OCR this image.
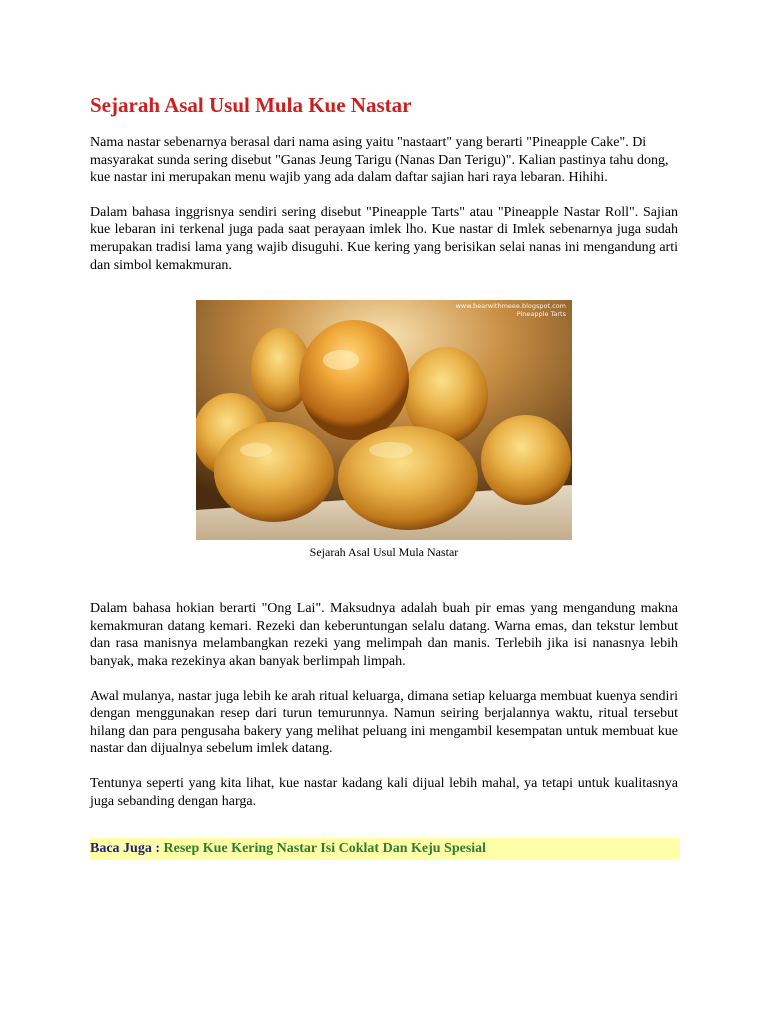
Sejarah Asal Usul Mula Kue Nastar

Nama nastar sebenarnya berasal dari nama asing yaitu "nastaart" yang berarti "Pineapple Cake". Di masyarakat sunda sering disebut "Ganas Jeung Tarigu (Nanas Dan Terigu)". Kalian pastinya tahu dong, kue nastar ini merupakan menu wajib yang ada dalam daftar sajian hari raya lebaran. Hihihi.

Dalam bahasa inggrisnya sendiri sering disebut "Pineapple Tarts" atau "Pineapple Nastar Roll". Sajian kue lebaran ini terkenal juga pada saat perayaan imlek lho. Kue nastar di Imlek sebenarnya juga sudah merupakan tradisi lama yang wajib disuguhi. Kue kering yang berisikan selai nanas ini mengandung arti dan simbol kemakmuran.

www.bearwithmeee.blogspot.com
Pineapple Tarts

Sejarah Asal Usul Mula Nastar

Dalam bahasa hokian berarti "Ong Lai". Maksudnya adalah buah pir emas yang mengandung makna kemakmuran datang kemari. Rezeki dan keberuntungan selalu datang. Warna emas, dan tekstur lembut dan rasa manisnya melambangkan rezeki yang melimpah dan manis. Terlebih jika isi nanasnya lebih banyak, maka rezekinya akan banyak berlimpah limpah.

Awal mulanya, nastar juga lebih ke arah ritual keluarga, dimana setiap keluarga membuat kuenya sendiri dengan menggunakan resep dari turun temurunnya. Namun seiring berjalannya waktu, ritual tersebut hilang dan para pengusaha bakery yang melihat peluang ini mengambil kesempatan untuk membuat kue nastar dan dijualnya sebelum imlek datang.

Tentunya seperti yang kita lihat, kue nastar kadang kali dijual lebih mahal, ya tetapi untuk kualitasnya juga sebanding dengan harga.

Baca Juga : Resep Kue Kering Nastar Isi Coklat Dan Keju Spesial
